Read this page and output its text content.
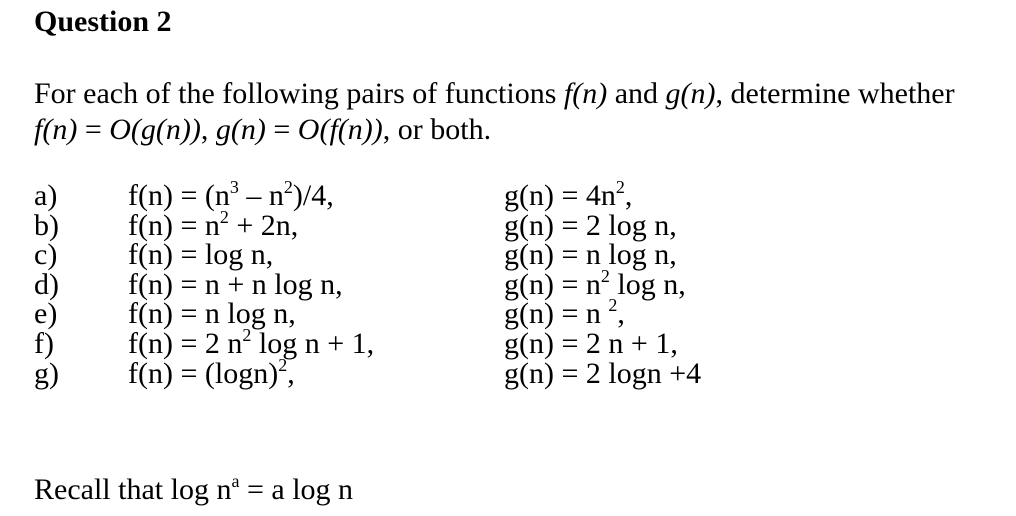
Question 2
For each of the following pairs of functions f(n) and g(n), determine whether
f(n) = O(g(n)), g(n) = O(f(n)), or both.
a) $f(n) = (n^3 - n^2)/4$,	$g(n) = 4n^2$,
b) $f(n) = n^2 + 2n$,	g(n) = 2 log n,
c) f(n) = log n,	g(n) = n log n,
d) f(n) = n + n log n,	$g(n) = n^2$ log n,
e) f(n) = n log n,	g(n) = n $^2$,
f) f(n) = 2 $n^2$ log n + 1,	g(n) = 2 n + 1,
g) $f(n) = (\log n)^2$,	g(n) = 2 logn +4
Recall that $\log n^a = a$ log n
